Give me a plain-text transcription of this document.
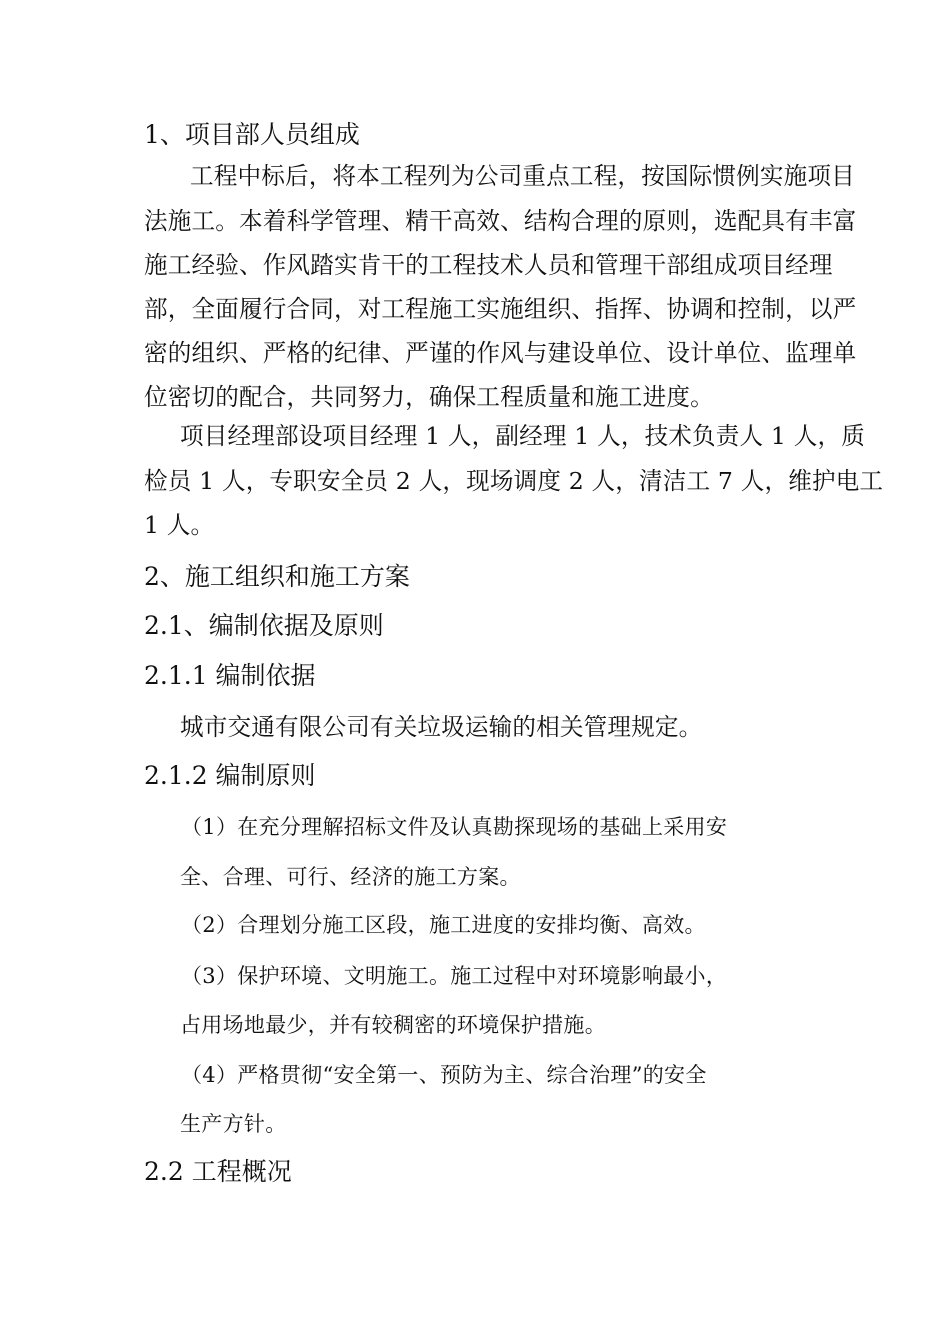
1、项目部人员组成

工程中标后，将本工程列为公司重点工程，按国际惯例实施项目

法施工。本着科学管理、精干高效、结构合理的原则，选配具有丰富

施工经验、作风踏实肯干的工程技术人员和管理干部组成项目经理

部，全面履行合同，对工程施工实施组织、指挥、协调和控制，以严

密的组织、严格的纪律、严谨的作风与建设单位、设计单位、监理单

位密切的配合，共同努力，确保工程质量和施工进度。

项目经理部设项目经理 1 人，副经理 1 人，技术负责人 1 人，质

检员 1 人，专职安全员 2 人，现场调度 2 人，清洁工 7 人，维护电工

1 人。

2、施工组织和施工方案

2.1、编制依据及原则

2.1.1 编制依据

城市交通有限公司有关垃圾运输的相关管理规定。

2.1.2 编制原则

（1）在充分理解招标文件及认真勘探现场的基础上采用安

全、合理、可行、经济的施工方案。

（2）合理划分施工区段，施工进度的安排均衡、高效。

（3）保护环境、文明施工。施工过程中对环境影响最小，

占用场地最少，并有较稠密的环境保护措施。

（4）严格贯彻“安全第一、预防为主、综合治理”的安全

生产方针。

2.2 工程概况
